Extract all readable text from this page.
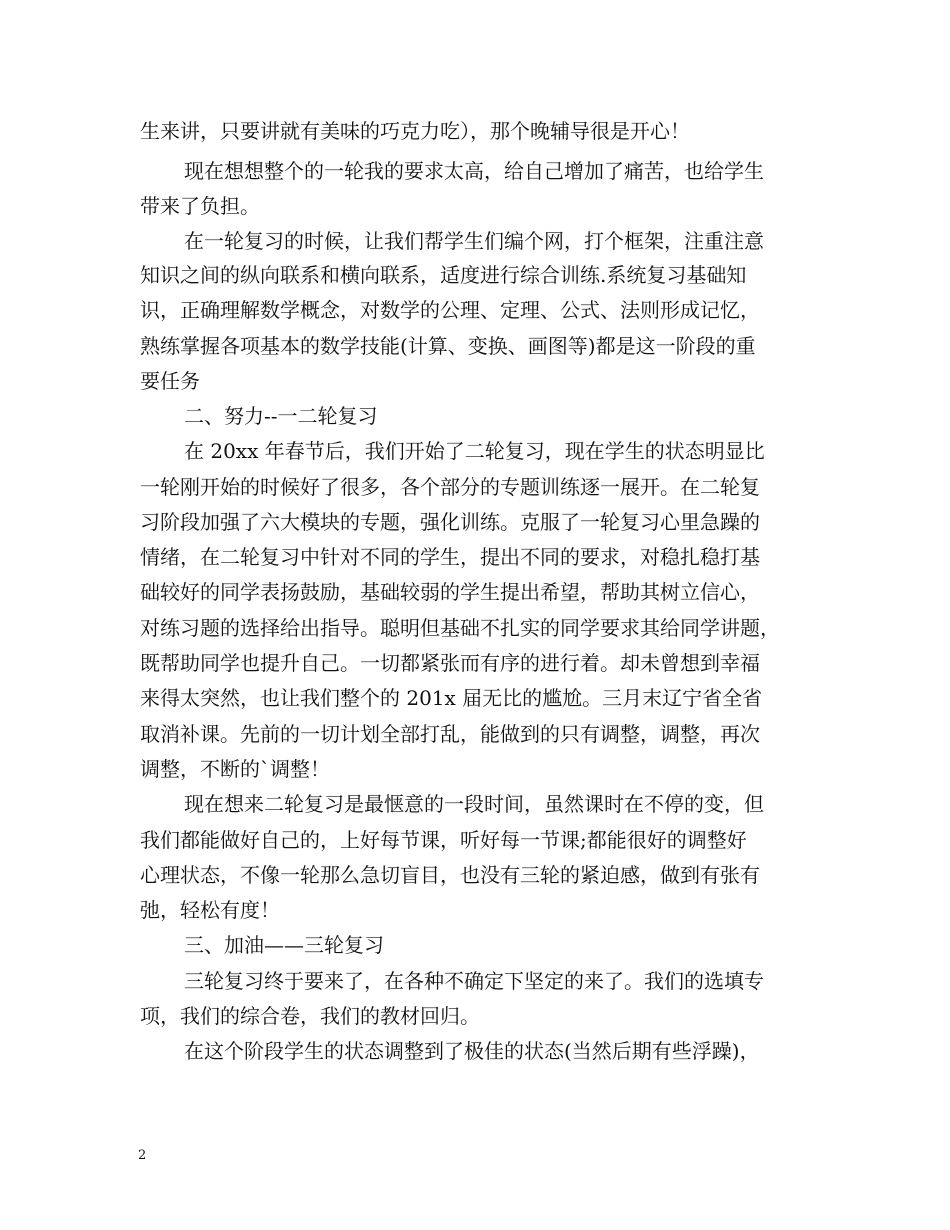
生来讲，只要讲就有美味的巧克力吃），那个晚辅导很是开心！
现在想想整个的一轮我的要求太高，给自己增加了痛苦，也给学生
带来了负担。
在一轮复习的时候，让我们帮学生们编个网，打个框架，注重注意
知识之间的纵向联系和横向联系，适度进行综合训练.系统复习基础知
识，正确理解数学概念，对数学的公理、定理、公式、法则形成记忆，
熟练掌握各项基本的数学技能(计算、变换、画图等)都是这一阶段的重
要任务
二、努力--一二轮复习
在 20xx 年春节后，我们开始了二轮复习，现在学生的状态明显比
一轮刚开始的时候好了很多，各个部分的专题训练逐一展开。在二轮复
习阶段加强了六大模块的专题，强化训练。克服了一轮复习心里急躁的
情绪，在二轮复习中针对不同的学生，提出不同的要求，对稳扎稳打基
础较好的同学表扬鼓励，基础较弱的学生提出希望，帮助其树立信心，
对练习题的选择给出指导。聪明但基础不扎实的同学要求其给同学讲题，
既帮助同学也提升自己。一切都紧张而有序的进行着。却未曾想到幸福
来得太突然，也让我们整个的 201x 届无比的尴尬。三月末辽宁省全省
取消补课。先前的一切计划全部打乱，能做到的只有调整，调整，再次
调整，不断的`调整！
现在想来二轮复习是最惬意的一段时间，虽然课时在不停的变，但
我们都能做好自己的，上好每节课，听好每一节课;都能很好的调整好
心理状态，不像一轮那么急切盲目，也没有三轮的紧迫感，做到有张有
弛，轻松有度！
三、加油——三轮复习
三轮复习终于要来了，在各种不确定下坚定的来了。我们的选填专
项，我们的综合卷，我们的教材回归。
在这个阶段学生的状态调整到了极佳的状态(当然后期有些浮躁)，
2
